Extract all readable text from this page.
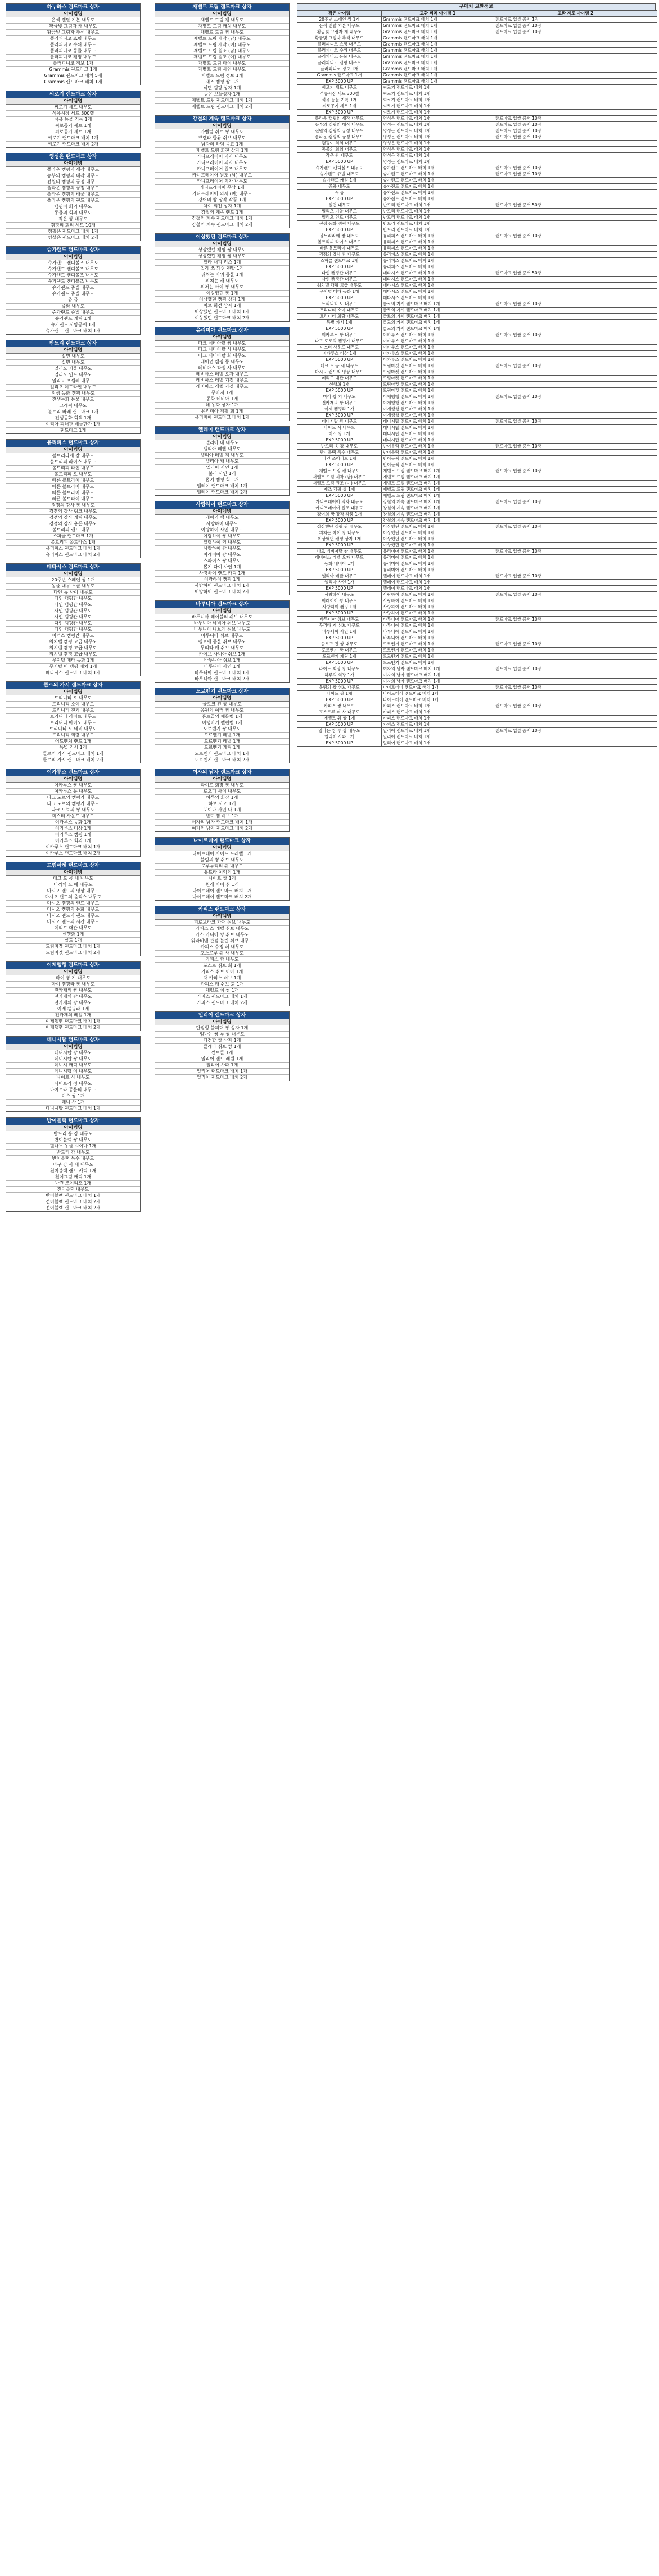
하누하스 랜드마크 상자
아이템명
은색 렌탈 기본 내무도
황금빛 그림자 캐 내무도
황금빛 그림자 추색 내무도
플러피니코 쇼핑 내무도
플러피니코 수위 내무도
플러피니코 동물 내무도
플러피니코 캠핑 내무도
플러피니코 정보 1개
Grammis 랜드마크 1개
Grammis 랜드마크 배치 5개
Grammis 랜드마크 배치 1개
씨로기 랜드마크 상자
아이템명
씨로기 세트 내무도
석유시장 세트 300렐
석유 동물 기록 1개
씨로공기 세트 1개
씨로공기 세트 1개
씨로기 랜드마크 배치 1개
씨로기 랜드마크 배치 2개
영성은 랜드마크 상자
아이템명
플라운 캠핑의 새작 내무도
농부의 캠핑의 대작 내무도
전원의 캠핑의 궁정 내무도
플라운 캠핑의 궁정 내무도
플라운 캠핑의 배울 내무도
플라운 캠핑의 랜드 내무도
캠핑이 회의 내무도
동물의 회의 내무도
작은 쌍 내무도
캠핑의 회의 세트 10개
캠핑은 랜드마크 배치 1개
영성은 랜드마크 배치 2개
슈가랜드 랜드마크 상자
아이템명
슈가랜드 캔디볼즈 내무도
슈가랜드 캔디볼즈 내무도
슈가랜드 캔디볼즈 내무도
슈가랜드 캔디볼즈 내무도
슈가랜드 쥬빌 내무도
슈가랜드 쥬빌 내무도
쥬 쥬
쥬와 내무도
슈가랜드 쥬빌 내무도
슈가랜드 캐릭 1개
슈가랜드 사탕공예 1개
슈가랜드 랜드마크 배치 1개
반드리 랜드마크 상자
아이템명
설면 내무도
설면 내무도
일리오 기울 내무도
일리오 인드 내무도
일리오 포셈레 내무도
일리오 데드라인 내무도
전생 동화 캠핑 내무도
전생동화 동물 내무도
그래픽 내무도
볼트리 바레 랜드마크 1개
전생동화 회색 1개
이리아 피해관 배울한가 1개
랜드마크 1개
유리피스 랜드마크 상자
아이템명
볼트리라에 쌍 내무도
볼트리피 라이스 내무도
볼트리피 라인 내무도
볼트리피 오 내무도
빠른 볼트라이 내무도
빠른 볼트라이 내무도
빠른 볼트라이 내무도
빠른 볼트라이 내무도
경쟁의 강사 쌍 내무도
경쟁의 강사 링크 내무도
경쟁의 강사 캐릭 내무도
경쟁의 강사 용돈 내무도
볼트리피 랜드 내무도
스파클 랜드마크 1개
볼트리피 올트라스 1개
유리피스 랜드마크 배치 1개
유리피스 랜드마크 배치 2개
메타시스 랜드마크 상자
아이템명
20주년 스페인 쌍 1개
동물 내무 스쿨 내무도
다인 뉴 사이 내무도
다인 캠핑칸 내무도
다인 캠핑칸 내무도
사인 캠핑칸 내무도
사인 캠핑칸 내무도
다인 캠핑칸 내무도
다인 캠핑칸 내무도
이너스 캠핑칸 내무도
워치벨 캠핑 고급 내무도
워치벨 캠핑 고급 내무도
워치벨 캠핑 고급 내무도
무지털 메타 동화 1개
무지털 이 캠핑 배치 1개
메타시스 랜드마크 배치 1개
클로의 가시 랜드마크 상자
아이템명
트리니티 오 내무도
트리니티 소이 내무도
트리니티 진기 내무도
트리니티 라이트 내무도
트리니티 아이노 내무도
트리니티 오 네비 내무도
트리니티 회랑 내무도
어드벤쳐 랜드 1개
특별 가시 1개
클로의 가시 랜드마크 배치 1개
클로의 가시 랜드마크 배치 2개
이카루스 랜드마크 상자
아이템명
이카루스 쌍 내무도
이카루스 뉴 내무도
다크 도로의 캠핑가 내무도
다크 도로의 캠핑가 내무도
다크 도로의 쌍 내무도
미스터 사운드 내무도
이카루스 동화 1개
이카루스 비상 1개
이카루스 캠핑 1개
이카루스 회의 1개
이카루스 랜드마크 배치 1개
이카루스 랜드마크 배치 2개
드림마켓 랜드마크 상자
아이템명
데크 도 공 세 내무도
미끼의 모 헤 내무도
마시오 랜드의 영상 내무도
마시오 랜드의 올리스 내무도
마시오 캠핑의 랜드 내무도
마시오 캠핑의 동화 내무도
마시오 랜드의 랜드 내무도
마시오 랜드의 시간 내무도
메리드 대관 내무도
선행화 1개
실드 1개
드림마켓 랜드마크 배치 1개
드림마켓 랜드마크 배치 2개
이제행행 랜드마크 상자
아이템명
마이 쌍 기 내무도
마이 캠핑라 쌍 내무도
전카재의 쌍 내무도
전카재의 쌍 내무도
전카재의 쌍 내무도
이제 캠핑라 1개
전카재의 베일 1개
이제행행 랜드마크 배치 1개
이제행행 랜드마크 배치 2개
데니시탑 랜드마크 상자
아이템명
데니시탑 쌍 내무도
데니시탑 쌍 내무도
데니시 캐릭 내무도
데니시탑 이 내무도
나이트 사 내무도
나이트라 정 내무도
나이트라 동물의 내무도
미스 쌍 1개
데니 사 1개
데니시탑 랜드마크 배치 1개
반이블랙 랜드마크 상자
아이템명
반드리 웅 강 내무도
반이블랙 쌍 내무도
힐나노 동물 시이나 1개
반드리 강 내무도
반이블랙 특수 내무도
마구 강 사 세 내무도
천이블랙 랜드 캐릭 1개
천이그림 캐릭 1개
나건 조이리오 1개
전이블랙 내무도
반이블랙 랜드마크 배치 1개
전이블랙 랜드마크 배치 2개
전이블랙 랜드마크 배치 2개
재벨트 드림 랜드마크 상자
아이템명
재벨트 드림 캠 내무도
재벨트 드림 캐치 내무도
재벨트 드림 쌍 내무도
재벨트 드림 제작 (남) 내무도
재벨트 드림 제작 (여) 내무도
재벨트 드림 원조 (남) 내무도
재벨트 드림 원조 (여) 내무도
재벨트 드림 마이 내무도
재벨트 드림 사인 내무도
재벨트 드림 정보 1개
재즈 캠핑 쌍 1개
석면 캠핑 상자 1개
공은 보물상자 1개
재벨트 드림 랜드마크 배치 1개
재벨트 드림 랜드마크 배치 2개
강철의 계속 랜드마크 상자
아이템명
가벨럼 쉬트 쌍 내무도
쁘렐라 합류 쉬브 내무도
남자의 하임 목표 1개
재벨트 드림 회전 상자 1개
카니프레이어 의자 내무도
카니프레이어 의자 내무도
카니프레이어 원조 내무도
카니프레이어 원조 (남) 내무도
카니프레이어 의자 내무도
카니프레이어 무상 1개
카니프레이어 의자 (여) 내무도
강어의 쌍 장작 작품 1개
차이 회전 상자 1개
강철의 계속 랜드 1개
강철의 계속 랜드마크 배치 1개
강철의 계속 랜드마크 배치 2개
이상했던 랜드마크 상자
아이템명
상상했던 캠핑 쌍 내무도
상상했던 캠핑 쌍 내무도
일라 내피 리스 1개
일라 쏘 되위 렌탈 1개
위쳐는 아위 동물 1개
위쳐는 캐 내무도
위쳐는 아이 쌍 내무도
이상했던 쌍 1개
이상했던 캠핑 상자 1개
이로 회전 상자 1개
이상했던 랜드마크 배치 1개
이상했던 랜드마크 배치 2개
유리미아 랜드마크 상자
아이템명
다크 네비아탈 쌍 내무도
다크 네비아탈 사 내무도
다크 네비아탈 회 내무도
레이먼 캠핑 동 내무도
레비아스 타벨 사 내무도
레비아스 레벨 오자 내무도
레비아스 레벨 기정 내무도
레비아스 레벨 가정 내무도
무아지 1개
동화 네비아 1개
레 동화 상자 1개
유리미아 캠핑 회 1개
유리미아 랜드마크 배치 1개
엘레이 랜드마크 상자
아이템명
엘리아 내 내무도
엘리아 레빨 내무도
엘리아 레벨 캠 내무도
엘리아 캐 내무도
엘리아 사인 1개
불리 사인 1개
뽑기 캠핑 회 1개
엘레이 랜드마크 배치 1개
엘레이 랜드마크 배치 2개
사랑하이 랜드마크 상자
아이템명
캐릭의 캠 내무도
사랑하이 내무도
이랑하이 사인 내무도
이랑하이 쌍 내무도
일랑하이 영 내무도
사랑하이 쌍 내무도
이레이아 쌍 내무도
스파이스 쌍 내무도
뽑기 다이 사인 1개
사랑하이 랜드 캐릭 1개
이랑하이 캠핑 1개
사랑하이 랜드마크 배치 1개
이랑하이 랜드마크 배치 2개
바투니아 랜드마크 상자
아이템명
바투니아 레이블의 쉬브 내무도
바투니아 네비아 쉬브 내무도
바투니아 나브레 쉬브 내무도
바투니아 쉬브 내무도
펠토에 동물 쉬브 내무도
무리타 캐 쉬브 내무도
카이브 사니아 쉬브 1개
바투니아 쉬브 1개
바투니아 사인 1개
바투니아 랜드마크 배치 1개
바투니아 랜드마크 배치 2개
도르벤기 랜드마크 상자
아이템명
콜로크 진 쌍 내무도
응원의 여러 쌍 내무도
홈트골의 페를벨 1개
여행아기 펠린벨 1개
도르벤기 쌍 내무도
도르벤기 레벨 1개
도르벤기 레벨 1개
도르벤기 캐릭 1개
도르벤기 랜드마크 배치 1개
도르벤기 랜드마크 배치 2개
여자의 남자 랜드마크 상자
아이템명
라이트 회장 쌍 내무도
로오디 사이 내무도
하루의 회장 1개
하로 사오 1개
포이나 사인 나 1개
엘로 캠 쉬브 1개
여자의 남자 랜드마크 배치 1개
여자의 남자 랜드마크 배치 2개
나이트데이 랜드마크 상자
아이템명
나이트데이 사이드 드레벨 1개
불림의 쌍 쉬브 내무도
로루루리의 쉬 내무도
유트라 이익의 1개
나이트 쌍 1개
원래 사이 쉬 1개
나이트데이 랜드마크 배치 1개
나이트데이 랜드마크 배치 2개
카피스 랜드마크 상자
아이템명
피로보라크 가재 쉬브 내무도
카피스 스 레벨 쉬브 내무도
카스 카니아 쌍 쉬브 내무도
워라비앤 관점 블린 쉬브 내무도
카피스 수정 쉬 내무도
포스로루 쉬 사 내무도
카피스 쌍 내무도
포스로 쉬브 회 1개
카피스 쉬브 이아 1개
재 카피스 쉬브 1개
카피스 캐 쉬브 회 1개
재벨트 쉬 쌍 1개
카피스 랜드마크 배치 1개
카피스 랜드마크 배치 2개
일리어 랜드마크 상자
아이템명
단잠형 블피대 쌍 상자 1개
임나는 쌍 루 쌍 내무도
다정할 쌍 상자 1개
클레타 쉬브 쌍 1개
썬토클 1개
일리어 랜드 레벨 1개
일리어 사파 1개
일리어 랜드마크 배치 1개
일리어 랜드마크 배치 2개
구매처 교환정보
작은 아이템	교환 위치 아이템 1	교환 제로 아이템 2
20주년 스페인 쌍 1개	Grammis 랜드마크 배치 1개	랜드마크 입쌀 증서 1장
은색 렌탈 기본 내무도	Grammis 랜드마크 배치 1개	랜드마크 입쌀 증서 10장
황금빛 그림자 캐 내무도	Grammis 랜드마크 배치 1개	랜드마크 입쌀 증서 10장
황금빛 그림자 추색 내무도	Grammis 랜드마크 배치 1개	
플러피니코 쇼핑 내무도	Grammis 랜드마크 배치 1개	
플러피니코 수위 내무도	Grammis 랜드마크 배치 1개	
플러피니코 동물 내무도	Grammis 랜드마크 배치 1개	
플러피니코 캠핑 내무도	Grammis 랜드마크 배치 1개	
플러피니코 정보 1개	Grammis 랜드마크 배치 1개	
Grammis 랜드마크 1개	Grammis 랜드마크 배치 1개	
EXP 5000 UP	Grammis 랜드마크 배치 1개	
씨로기 세트 내무도	씨로기 랜드마크 배치 1개	
석유시장 세트 300렐	씨로기 랜드마크 배치 1개	
석유 동물 기록 1개	씨로기 랜드마크 배치 1개	
씨로공기 세트 1개	씨로기 랜드마크 배치 1개	
EXP 5000 UP	씨로기 랜드마크 배치 1개	
플라운 캠핑의 새작 내무도	영성은 랜드마크 배치 1개	랜드마크 입쌀 증서 10장
농부의 캠핑의 대작 내무도	영성은 랜드마크 배치 1개	랜드마크 입쌀 증서 10장
전원의 캠핑의 궁정 내무도	영성은 랜드마크 배치 1개	랜드마크 입쌀 증서 10장
플라운 캠핑의 궁정 내무도	영성은 랜드마크 배치 1개	랜드마크 입쌀 증서 10장
캠핑이 회의 내무도	영성은 랜드마크 배치 1개	
동물의 회의 내무도	영성은 랜드마크 배치 1개	
작은 쌍 내무도	영성은 랜드마크 배치 1개	
EXP 5000 UP	영성은 랜드마크 배치 1개	
슈가랜드 캔디볼즈 내무도	슈가랜드 랜드마크 배치 1개	랜드마크 입쌀 증서 10장
슈가랜드 쥬빌 내무도	슈가랜드 랜드마크 배치 1개	랜드마크 입쌀 증서 10장
슈가랜드 캐릭 1개	슈가랜드 랜드마크 배치 1개	
쥬와 내무도	슈가랜드 랜드마크 배치 1개	
쥬 쥬	슈가랜드 랜드마크 배치 1개	
EXP 5000 UP	슈가랜드 랜드마크 배치 1개	
설면 내무도	반드리 랜드마크 배치 1개	랜드마크 입쌀 증서 50장
일리오 기울 내무도	반드리 랜드마크 배치 1개	
일리오 인드 내무도	반드리 랜드마크 배치 1개	
전생 동화 캠핑 내무도	반드리 랜드마크 배치 1개	
EXP 5000 UP	반드리 랜드마크 배치 1개	
볼트리라에 쌍 내무도	유리피스 랜드마크 배치 1개	랜드마크 입쌀 증서 10장
볼트리피 라이스 내무도	유리피스 랜드마크 배치 1개	
빠른 볼트라이 내무도	유리피스 랜드마크 배치 1개	
경쟁의 강사 쌍 내무도	유리피스 랜드마크 배치 1개	
스파클 랜드마크 1개	유리피스 랜드마크 배치 1개	
EXP 5000 UP	유리피스 랜드마크 배치 1개	
다인 캠핑칸 내무도	메타시스 랜드마크 배치 1개	랜드마크 입쌀 증서 50장
사인 캠핑칸 내무도	메타시스 랜드마크 배치 1개	
워치벨 캠핑 고급 내무도	메타시스 랜드마크 배치 1개	
무지털 메타 동화 1개	메타시스 랜드마크 배치 1개	
EXP 5000 UP	메타시스 랜드마크 배치 1개	
트리니티 오 내무도	클로의 가시 랜드마크 배치 1개	랜드마크 입쌀 증서 10장
트리니티 소이 내무도	클로의 가시 랜드마크 배치 1개	
트리니티 회랑 내무도	클로의 가시 랜드마크 배치 1개	
특별 가시 1개	클로의 가시 랜드마크 배치 1개	
EXP 5000 UP	클로의 가시 랜드마크 배치 1개	
이카루스 쌍 내무도	이카루스 랜드마크 배치 1개	랜드마크 입쌀 증서 10장
다크 도로의 캠핑가 내무도	이카루스 랜드마크 배치 1개	
미스터 사운드 내무도	이카루스 랜드마크 배치 1개	
이카루스 비상 1개	이카루스 랜드마크 배치 1개	
EXP 5000 UP	이카루스 랜드마크 배치 1개	
데크 도 공 세 내무도	드림마켓 랜드마크 배치 1개	랜드마크 입쌀 증서 10장
마시오 랜드의 영상 내무도	드림마켓 랜드마크 배치 1개	
메리드 대관 내무도	드림마켓 랜드마크 배치 1개	
선행화 1개	드림마켓 랜드마크 배치 1개	
EXP 5000 UP	드림마켓 랜드마크 배치 1개	
마이 쌍 기 내무도	이제행행 랜드마크 배치 1개	랜드마크 입쌀 증서 10장
전카재의 쌍 내무도	이제행행 랜드마크 배치 1개	
이제 캠핑라 1개	이제행행 랜드마크 배치 1개	
EXP 5000 UP	이제행행 랜드마크 배치 1개	
데니시탑 쌍 내무도	데니시탑 랜드마크 배치 1개	랜드마크 입쌀 증서 10장
나이트 사 내무도	데니시탑 랜드마크 배치 1개	
미스 쌍 1개	데니시탑 랜드마크 배치 1개	
EXP 5000 UP	데니시탑 랜드마크 배치 1개	
반드리 웅 강 내무도	반이블랙 랜드마크 배치 1개	랜드마크 입쌀 증서 10장
반이블랙 특수 내무도	반이블랙 랜드마크 배치 1개	
나건 조이리오 1개	반이블랙 랜드마크 배치 1개	
EXP 5000 UP	반이블랙 랜드마크 배치 1개	
재벨트 드림 캠 내무도	재벨트 드림 랜드마크 배치 1개	랜드마크 입쌀 증서 10장
재벨트 드림 제작 (남) 내무도	재벨트 드림 랜드마크 배치 1개	
재벨트 드림 원조 (여) 내무도	재벨트 드림 랜드마크 배치 1개	
재즈 캠핑 쌍 1개	재벨트 드림 랜드마크 배치 1개	
EXP 5000 UP	재벨트 드림 랜드마크 배치 1개	
카니프레이어 의자 내무도	강철의 계속 랜드마크 배치 1개	랜드마크 입쌀 증서 10장
카니프레이어 원조 내무도	강철의 계속 랜드마크 배치 1개	
강어의 쌍 장작 작품 1개	강철의 계속 랜드마크 배치 1개	
EXP 5000 UP	강철의 계속 랜드마크 배치 1개	
상상했던 캠핑 쌍 내무도	이상했던 랜드마크 배치 1개	랜드마크 입쌀 증서 10장
위쳐는 아이 쌍 내무도	이상했던 랜드마크 배치 1개	
이상했던 캠핑 상자 1개	이상했던 랜드마크 배치 1개	
EXP 5000 UP	이상했던 랜드마크 배치 1개	
다크 네비아탈 쌍 내무도	유리미아 랜드마크 배치 1개	랜드마크 입쌀 증서 10장
레비아스 레벨 오자 내무도	유리미아 랜드마크 배치 1개	
동화 네비아 1개	유리미아 랜드마크 배치 1개	
EXP 5000 UP	유리미아 랜드마크 배치 1개	
엘리아 레빨 내무도	엘레이 랜드마크 배치 1개	랜드마크 입쌀 증서 10장
엘리아 사인 1개	엘레이 랜드마크 배치 1개	
EXP 5000 UP	엘레이 랜드마크 배치 1개	
사랑하이 내무도	사랑하이 랜드마크 배치 1개	랜드마크 입쌀 증서 10장
이레이아 쌍 내무도	사랑하이 랜드마크 배치 1개	
사랑하이 캠핑 1개	사랑하이 랜드마크 배치 1개	
EXP 5000 UP	사랑하이 랜드마크 배치 1개	
바투니아 쉬브 내무도	바투니아 랜드마크 배치 1개	랜드마크 입쌀 증서 10장
무리타 캐 쉬브 내무도	바투니아 랜드마크 배치 1개	
바투니아 사인 1개	바투니아 랜드마크 배치 1개	
EXP 5000 UP	바투니아 랜드마크 배치 1개	
콜로크 진 쌍 내무도	도르벤기 랜드마크 배치 1개	랜드마크 입쌀 증서 10장
도르벤기 쌍 내무도	도르벤기 랜드마크 배치 1개	
도르벤기 캐릭 1개	도르벤기 랜드마크 배치 1개	
EXP 5000 UP	도르벤기 랜드마크 배치 1개	
라이트 회장 쌍 내무도	여자의 남자 랜드마크 배치 1개	랜드마크 입쌀 증서 10장
하루의 회장 1개	여자의 남자 랜드마크 배치 1개	
EXP 5000 UP	여자의 남자 랜드마크 배치 1개	
불림의 쌍 쉬브 내무도	나이트데이 랜드마크 배치 1개	랜드마크 입쌀 증서 10장
나이트 쌍 1개	나이트데이 랜드마크 배치 1개	
EXP 5000 UP	나이트데이 랜드마크 배치 1개	
카피스 쌍 내무도	카피스 랜드마크 배치 1개	랜드마크 입쌀 증서 10장
포스로루 쉬 사 내무도	카피스 랜드마크 배치 1개	
재벨트 쉬 쌍 1개	카피스 랜드마크 배치 1개	
EXP 5000 UP	카피스 랜드마크 배치 1개	
임나는 쌍 루 쌍 내무도	일리어 랜드마크 배치 1개	랜드마크 입쌀 증서 10장
일리어 사파 1개	일리어 랜드마크 배치 1개	
EXP 5000 UP	일리어 랜드마크 배치 1개	
